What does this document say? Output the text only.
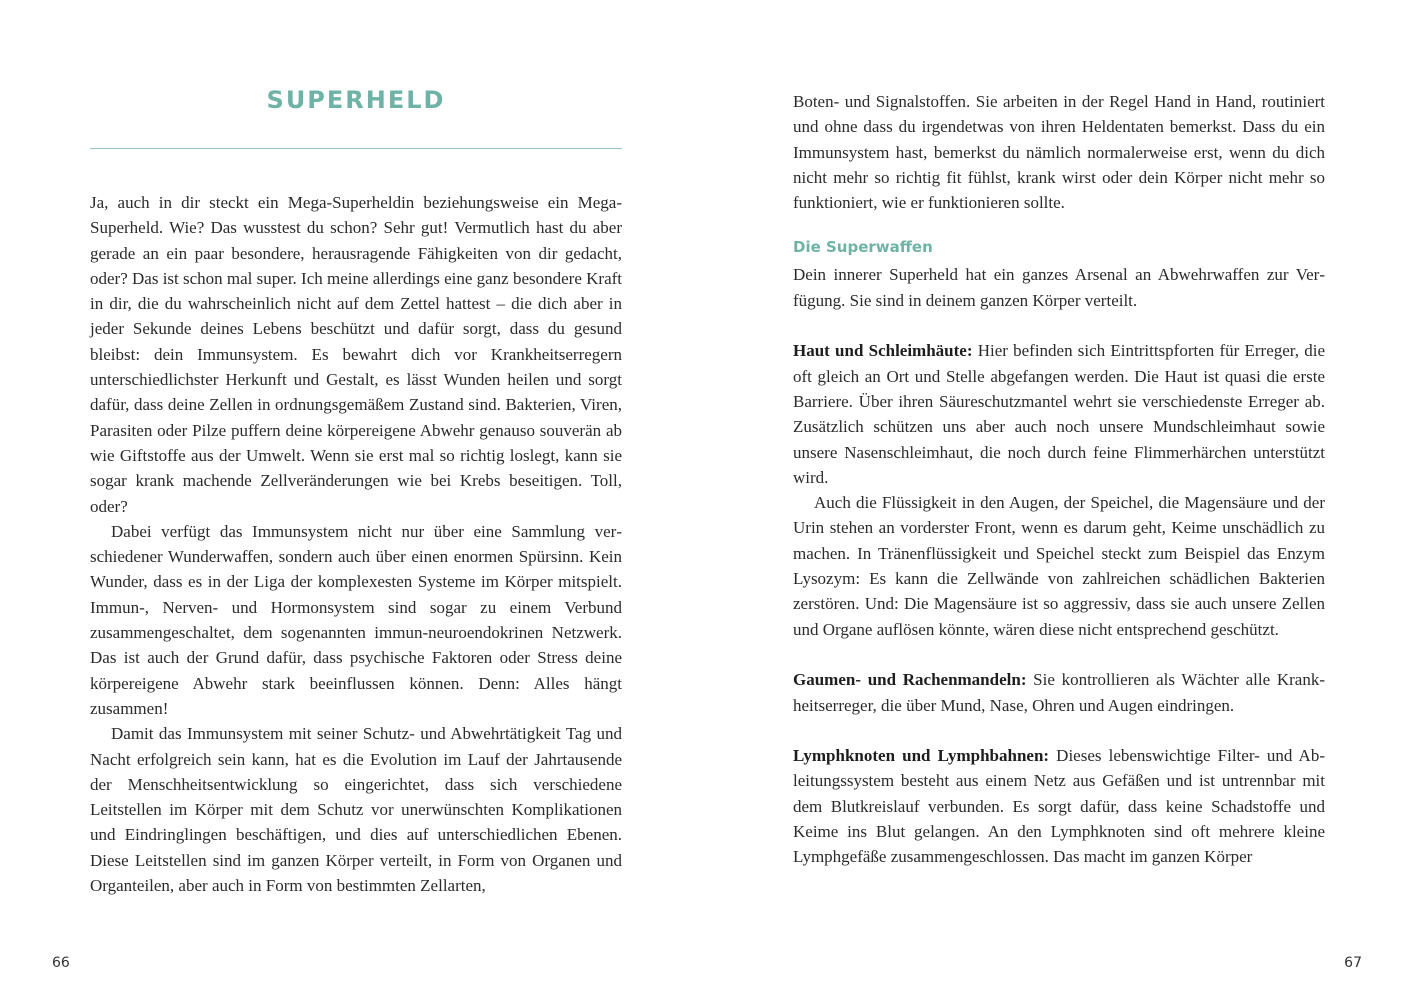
SUPERHELD

Ja, auch in dir steckt ein Mega-Superheldin beziehungsweise ein Mega-Superheld. Wie? Das wusstest du schon? Sehr gut! Vermutlich hast du aber gerade an ein paar besondere, herausragende Fähigkeiten von dir gedacht, oder? Das ist schon mal super. Ich meine allerdings eine ganz besondere Kraft in dir, die du wahrscheinlich nicht auf dem Zettel hattest – die dich aber in jeder Sekunde deines Lebens beschützt und dafür sorgt, dass du gesund bleibst: dein Immunsystem. Es bewahrt dich vor Krankheitserregern unterschiedlichster Herkunft und Gestalt, es lässt Wunden heilen und sorgt dafür, dass deine Zellen in ordnungsgemäßem Zustand sind. Bakterien, Viren, Parasiten oder Pilze puffern deine körpereigene Abwehr genauso souverän ab wie Giftstoffe aus der Umwelt. Wenn sie erst mal so richtig loslegt, kann sie sogar krank machende Zellveränderungen wie bei Krebs beseitigen. Toll, oder?

Dabei verfügt das Immunsystem nicht nur über eine Sammlung verschiedener Wunderwaffen, sondern auch über einen enormen Spürsinn. Kein Wunder, dass es in der Liga der komplexesten Systeme im Körper mitspielt. Immun-, Nerven- und Hormonsystem sind sogar zu einem Verbund zusammengeschaltet, dem sogenannten immun-neuroendokrinen Netzwerk. Das ist auch der Grund dafür, dass psychische Faktoren oder Stress deine körpereigene Abwehr stark beeinflussen können. Denn: Alles hängt zusammen!

Damit das Immunsystem mit seiner Schutz- und Abwehrtätigkeit Tag und Nacht erfolgreich sein kann, hat es die Evolution im Lauf der Jahrtausende der Menschheitsentwicklung so eingerichtet, dass sich verschiedene Leitstellen im Körper mit dem Schutz vor unerwünschten Komplikationen und Eindringlingen beschäftigen, und dies auf unterschiedlichen Ebenen. Diese Leitstellen sind im ganzen Körper verteilt, in Form von Organen und Organteilen, aber auch in Form von bestimmten Zellarten,

66

Boten- und Signalstoffen. Sie arbeiten in der Regel Hand in Hand, routiniert und ohne dass du irgendetwas von ihren Heldentaten bemerkst. Dass du ein Immunsystem hast, bemerkst du nämlich normalerweise erst, wenn du dich nicht mehr so richtig fit fühlst, krank wirst oder dein Körper nicht mehr so funktioniert, wie er funktionieren sollte.

Die Superwaffen

Dein innerer Superheld hat ein ganzes Arsenal an Abwehrwaffen zur Verfügung. Sie sind in deinem ganzen Körper verteilt.

Haut und Schleimhäute: Hier befinden sich Eintrittspforten für Erreger, die oft gleich an Ort und Stelle abgefangen werden. Die Haut ist quasi die erste Barriere. Über ihren Säureschutzmantel wehrt sie verschiedenste Erreger ab. Zusätzlich schützen uns aber auch noch unsere Mundschleimhaut sowie unsere Nasenschleimhaut, die noch durch feine Flimmerhärchen unterstützt wird.

Auch die Flüssigkeit in den Augen, der Speichel, die Magensäure und der Urin stehen an vorderster Front, wenn es darum geht, Keime unschädlich zu machen. In Tränenflüssigkeit und Speichel steckt zum Beispiel das Enzym Lysozym: Es kann die Zellwände von zahlreichen schädlichen Bakterien zerstören. Und: Die Magensäure ist so aggressiv, dass sie auch unsere Zellen und Organe auflösen könnte, wären diese nicht entsprechend geschützt.

Gaumen- und Rachenmandeln: Sie kontrollieren als Wächter alle Krankheitserreger, die über Mund, Nase, Ohren und Augen eindringen.

Lymphknoten und Lymphbahnen: Dieses lebenswichtige Filter- und Ableitungssystem besteht aus einem Netz aus Gefäßen und ist untrennbar mit dem Blutkreislauf verbunden. Es sorgt dafür, dass keine Schadstoffe und Keime ins Blut gelangen. An den Lymphknoten sind oft mehrere kleine Lymphgefäße zusammengeschlossen. Das macht im ganzen Körper

67
